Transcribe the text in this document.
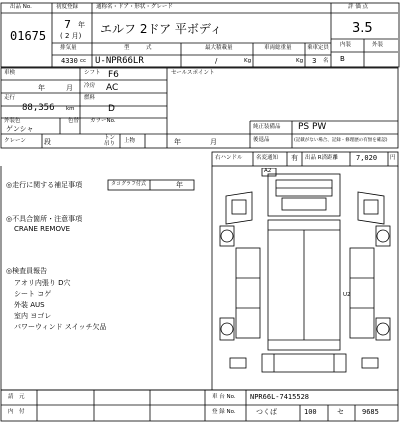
出品 No.
01675
初度登録
7 年
( 2 月)
通称名・ドア・形状・グレード
エルフ 2ドア 平ボディ
排気量
4330 cc
型　　　式
U-NPR66LR
最大積載量
/	Kg
車両総重量
Kg
乗車定員
3 名
評 価 点
3.5
内装	外装
B
車検
年	月
走行
88,356 km
外装色
ゲンシャ
色替 カラーNo.
シフト F6
冷房 AC
燃料
D
セールスポイント
純正装備品 PS PW
後退品	(記載がない場合、記録・修理歴の有無を確認)
クレーン	段	トン
吊り 上物	年	月
右ハンドル 名変通知 有 出品 R済距離	7,020 円
◎走行に関する補足事項	タコグラフ付式	年
◎不具合箇所・注意事項
CRANE REMOVE
◎検査員報告
アオリ内張り D穴
シート コゲ
外装 AUS
室内 ヨゴレ
パワーウィンド スイッチ欠品
A2
U2
請　元
内　付
車 台 No. NPR66L-7415528
登 録 No.	つくば	100	セ	9685
